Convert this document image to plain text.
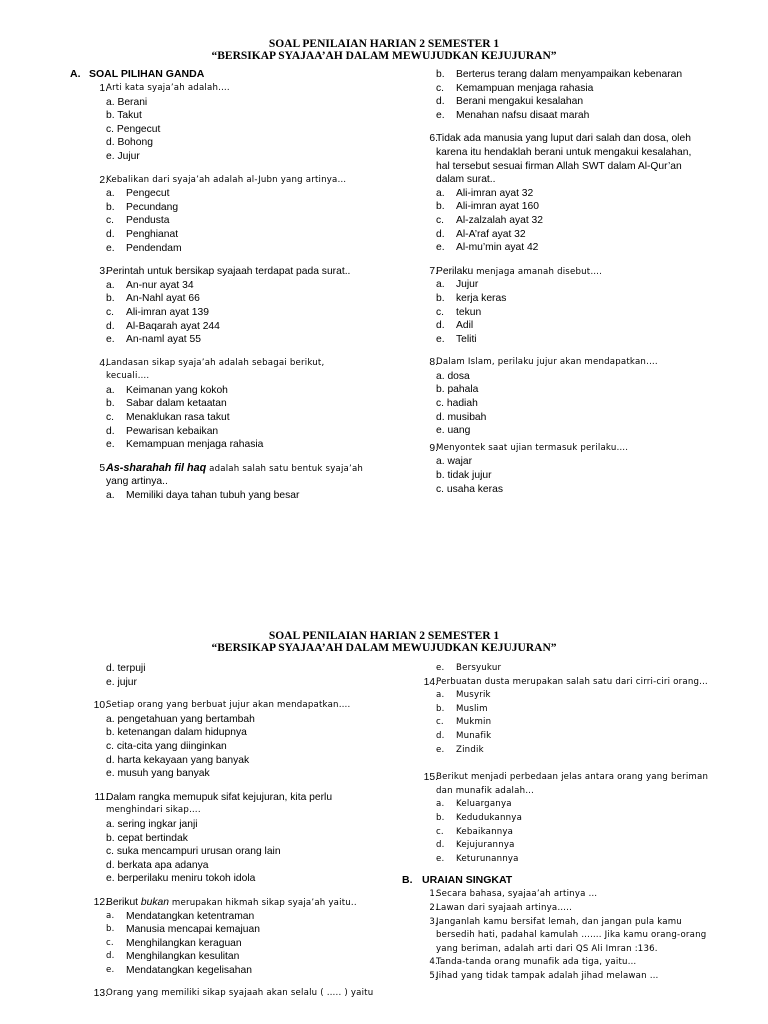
SOAL PENILAIAN HARIAN 2 SEMESTER 1
“BERSIKAP SYAJAA’AH DALAM MEWUJUDKAN KEJUJURAN”
A. SOAL PILIHAN GANDA
1.
Arti kata syaja’ah adalah….
a. Berani
b. Takut
c. Pengecut
d. Bohong
e. Jujur
2.
Kebalikan dari syaja’ah adalah al-Jubn yang artinya…
a. Pengecut
b. Pecundang
c. Pendusta
d. Penghianat
e. Pendendam
3.
Perintah untuk bersikap syajaah terdapat pada surat..
a. An-nur ayat 34
b. An-Nahl ayat 66
c. Ali-imran ayat 139
d. Al-Baqarah ayat 244
e. An-naml ayat 55
4.
Landasan sikap syaja’ah adalah sebagai berikut,
kecuali….
a. Keimanan yang kokoh
b. Sabar dalam ketaatan
c. Menaklukan rasa takut
d. Pewarisan kebaikan
e. Kemampuan menjaga rahasia
5.
As-sharahah fil haq adalah salah satu bentuk syaja’ah
yang artinya..
a. Memiliki daya tahan tubuh yang besar
b. Berterus terang dalam menyampaikan kebenaran
c. Kemampuan menjaga rahasia
d. Berani mengakui kesalahan
e. Menahan nafsu disaat marah
6.
Tidak ada manusia yang luput dari salah dan dosa, oleh
karena itu hendaklah berani untuk mengakui kesalahan,
hal tersebut sesuai firman Allah SWT dalam Al-Qur’an
dalam surat..
a. Ali-imran ayat 32
b. Ali-imran ayat 160
c. Al-zalzalah ayat 32
d. Al-A’raf ayat 32
e. Al-mu’min ayat 42
7.
Perilaku menjaga amanah disebut….
a. Jujur
b. kerja keras
c. tekun
d. Adil
e. Teliti
8.
Dalam Islam, perilaku jujur akan mendapatkan….
a. dosa
b. pahala
c. hadiah
d. musibah
e. uang
9.
Menyontek saat ujian termasuk perilaku….
a. wajar
b. tidak jujur
c. usaha keras
SOAL PENILAIAN HARIAN 2 SEMESTER 1
“BERSIKAP SYAJAA’AH DALAM MEWUJUDKAN KEJUJURAN”
d. terpuji
e. jujur
10.
Setiap orang yang berbuat jujur akan mendapatkan….
a. pengetahuan yang bertambah
b. ketenangan dalam hidupnya
c. cita-cita yang diinginkan
d. harta kekayaan yang banyak
e. musuh yang banyak
11.
Dalam rangka memupuk sifat kejujuran, kita perlu
menghindari sikap….
a. sering ingkar janji
b. cepat bertindak
c. suka mencampuri urusan orang lain
d. berkata apa adanya
e. berperilaku meniru tokoh idola
12.
Berikut bukan merupakan hikmah sikap syaja’ah yaitu..
a. Mendatangkan ketentraman
b. Manusia mencapai kemajuan
c. Menghilangkan keraguan
d. Menghilangkan kesulitan
e. Mendatangkan kegelisahan
13.
Orang yang memiliki sikap syajaah akan selalu ( ….. ) yaitu
e. Bersyukur
14.
Perbuatan dusta merupakan salah satu dari cirri-ciri orang…
a. Musyrik
b. Muslim
c. Mukmin
d. Munafik
e. Zindik
15.
Berikut menjadi perbedaan jelas antara orang yang beriman
dan munafik adalah…
a. Keluarganya
b. Kedudukannya
c. Kebaikannya
d. Kejujurannya
e. Keturunannya
B. URAIAN SINGKAT
1.
Secara bahasa, syajaa’ah artinya …
2.
Lawan dari syajaah artinya…..
3.
Janganlah kamu bersifat lemah, dan jangan pula kamu
bersedih hati, padahal kamulah ……. Jika kamu orang-orang
yang beriman, adalah arti dari QS Ali Imran :136.
4.
Tanda-tanda orang munafik ada tiga, yaitu…
5.
Jihad yang tidak tampak adalah jihad melawan …
